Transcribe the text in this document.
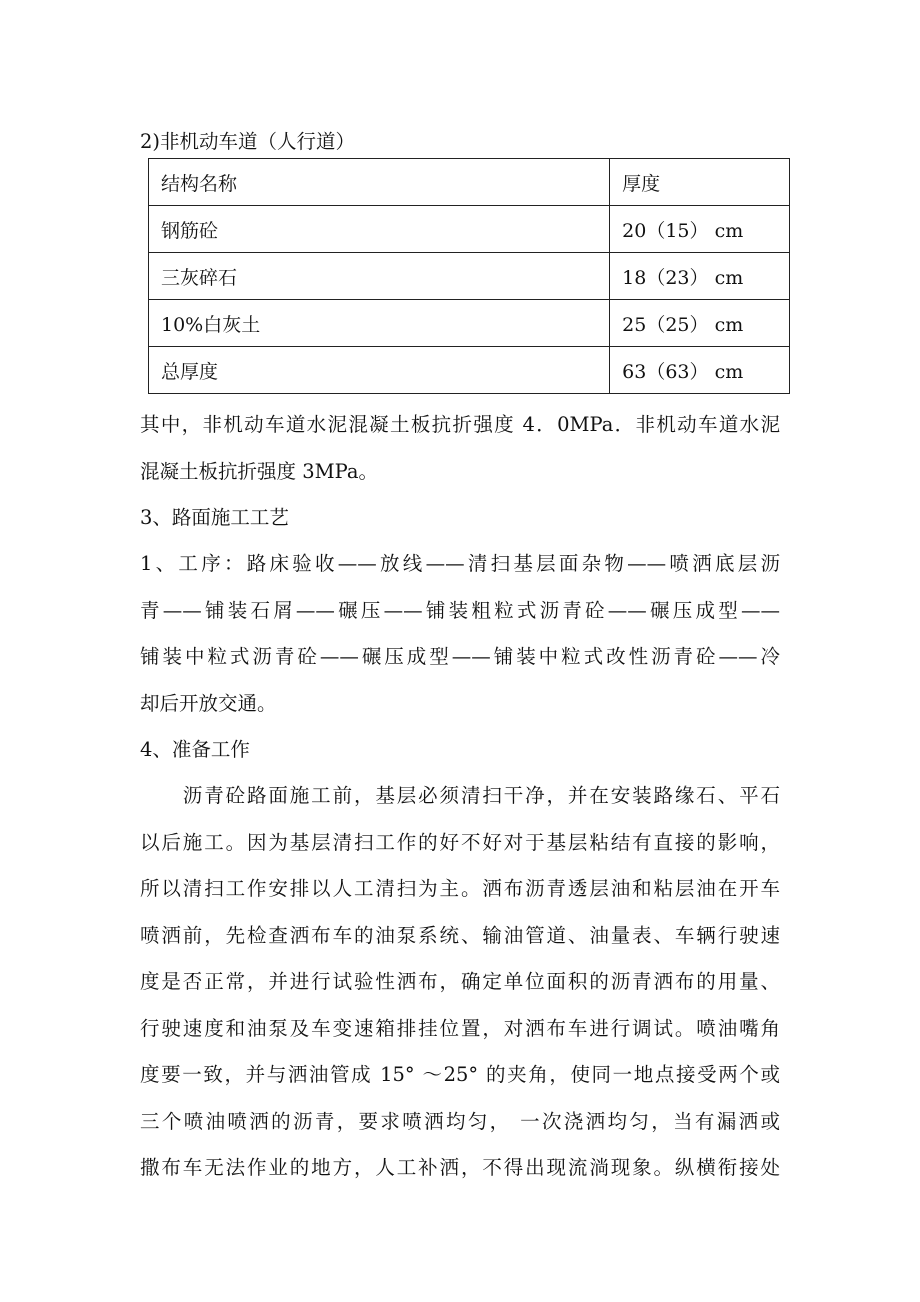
2)非机动车道（人行道）
结构名称	厚度
钢筋砼	20（15） cm
三灰碎石	18（23） cm
10%白灰土	25（25） cm
总厚度	63（63） cm
其中，非机动车道水泥混凝土板抗折强度 4．0MPa．非机动车道水泥
混凝土板抗折强度 3MPa。
3、路面施工工艺
1、工序：路床验收——放线——清扫基层面杂物——喷洒底层沥
青——铺装石屑——碾压——铺装粗粒式沥青砼——碾压成型——
铺装中粒式沥青砼——碾压成型——铺装中粒式改性沥青砼——冷
却后开放交通。
4、准备工作
　　沥青砼路面施工前，基层必须清扫干净，并在安装路缘石、平石
以后施工。因为基层清扫工作的好不好对于基层粘结有直接的影响，
所以清扫工作安排以人工清扫为主。洒布沥青透层油和粘层油在开车
喷洒前，先检查洒布车的油泵系统、输油管道、油量表、车辆行驶速
度是否正常，并进行试验性洒布，确定单位面积的沥青洒布的用量、
行驶速度和油泵及车变速箱排挂位置，对洒布车进行调试。喷油嘴角
度要一致，并与洒油管成 15° ～25° 的夹角，使同一地点接受两个或
三个喷油喷洒的沥青，要求喷洒均匀， 一次浇洒均匀，当有漏洒或
撒布车无法作业的地方，人工补洒，不得出现流淌现象。纵横衔接处
